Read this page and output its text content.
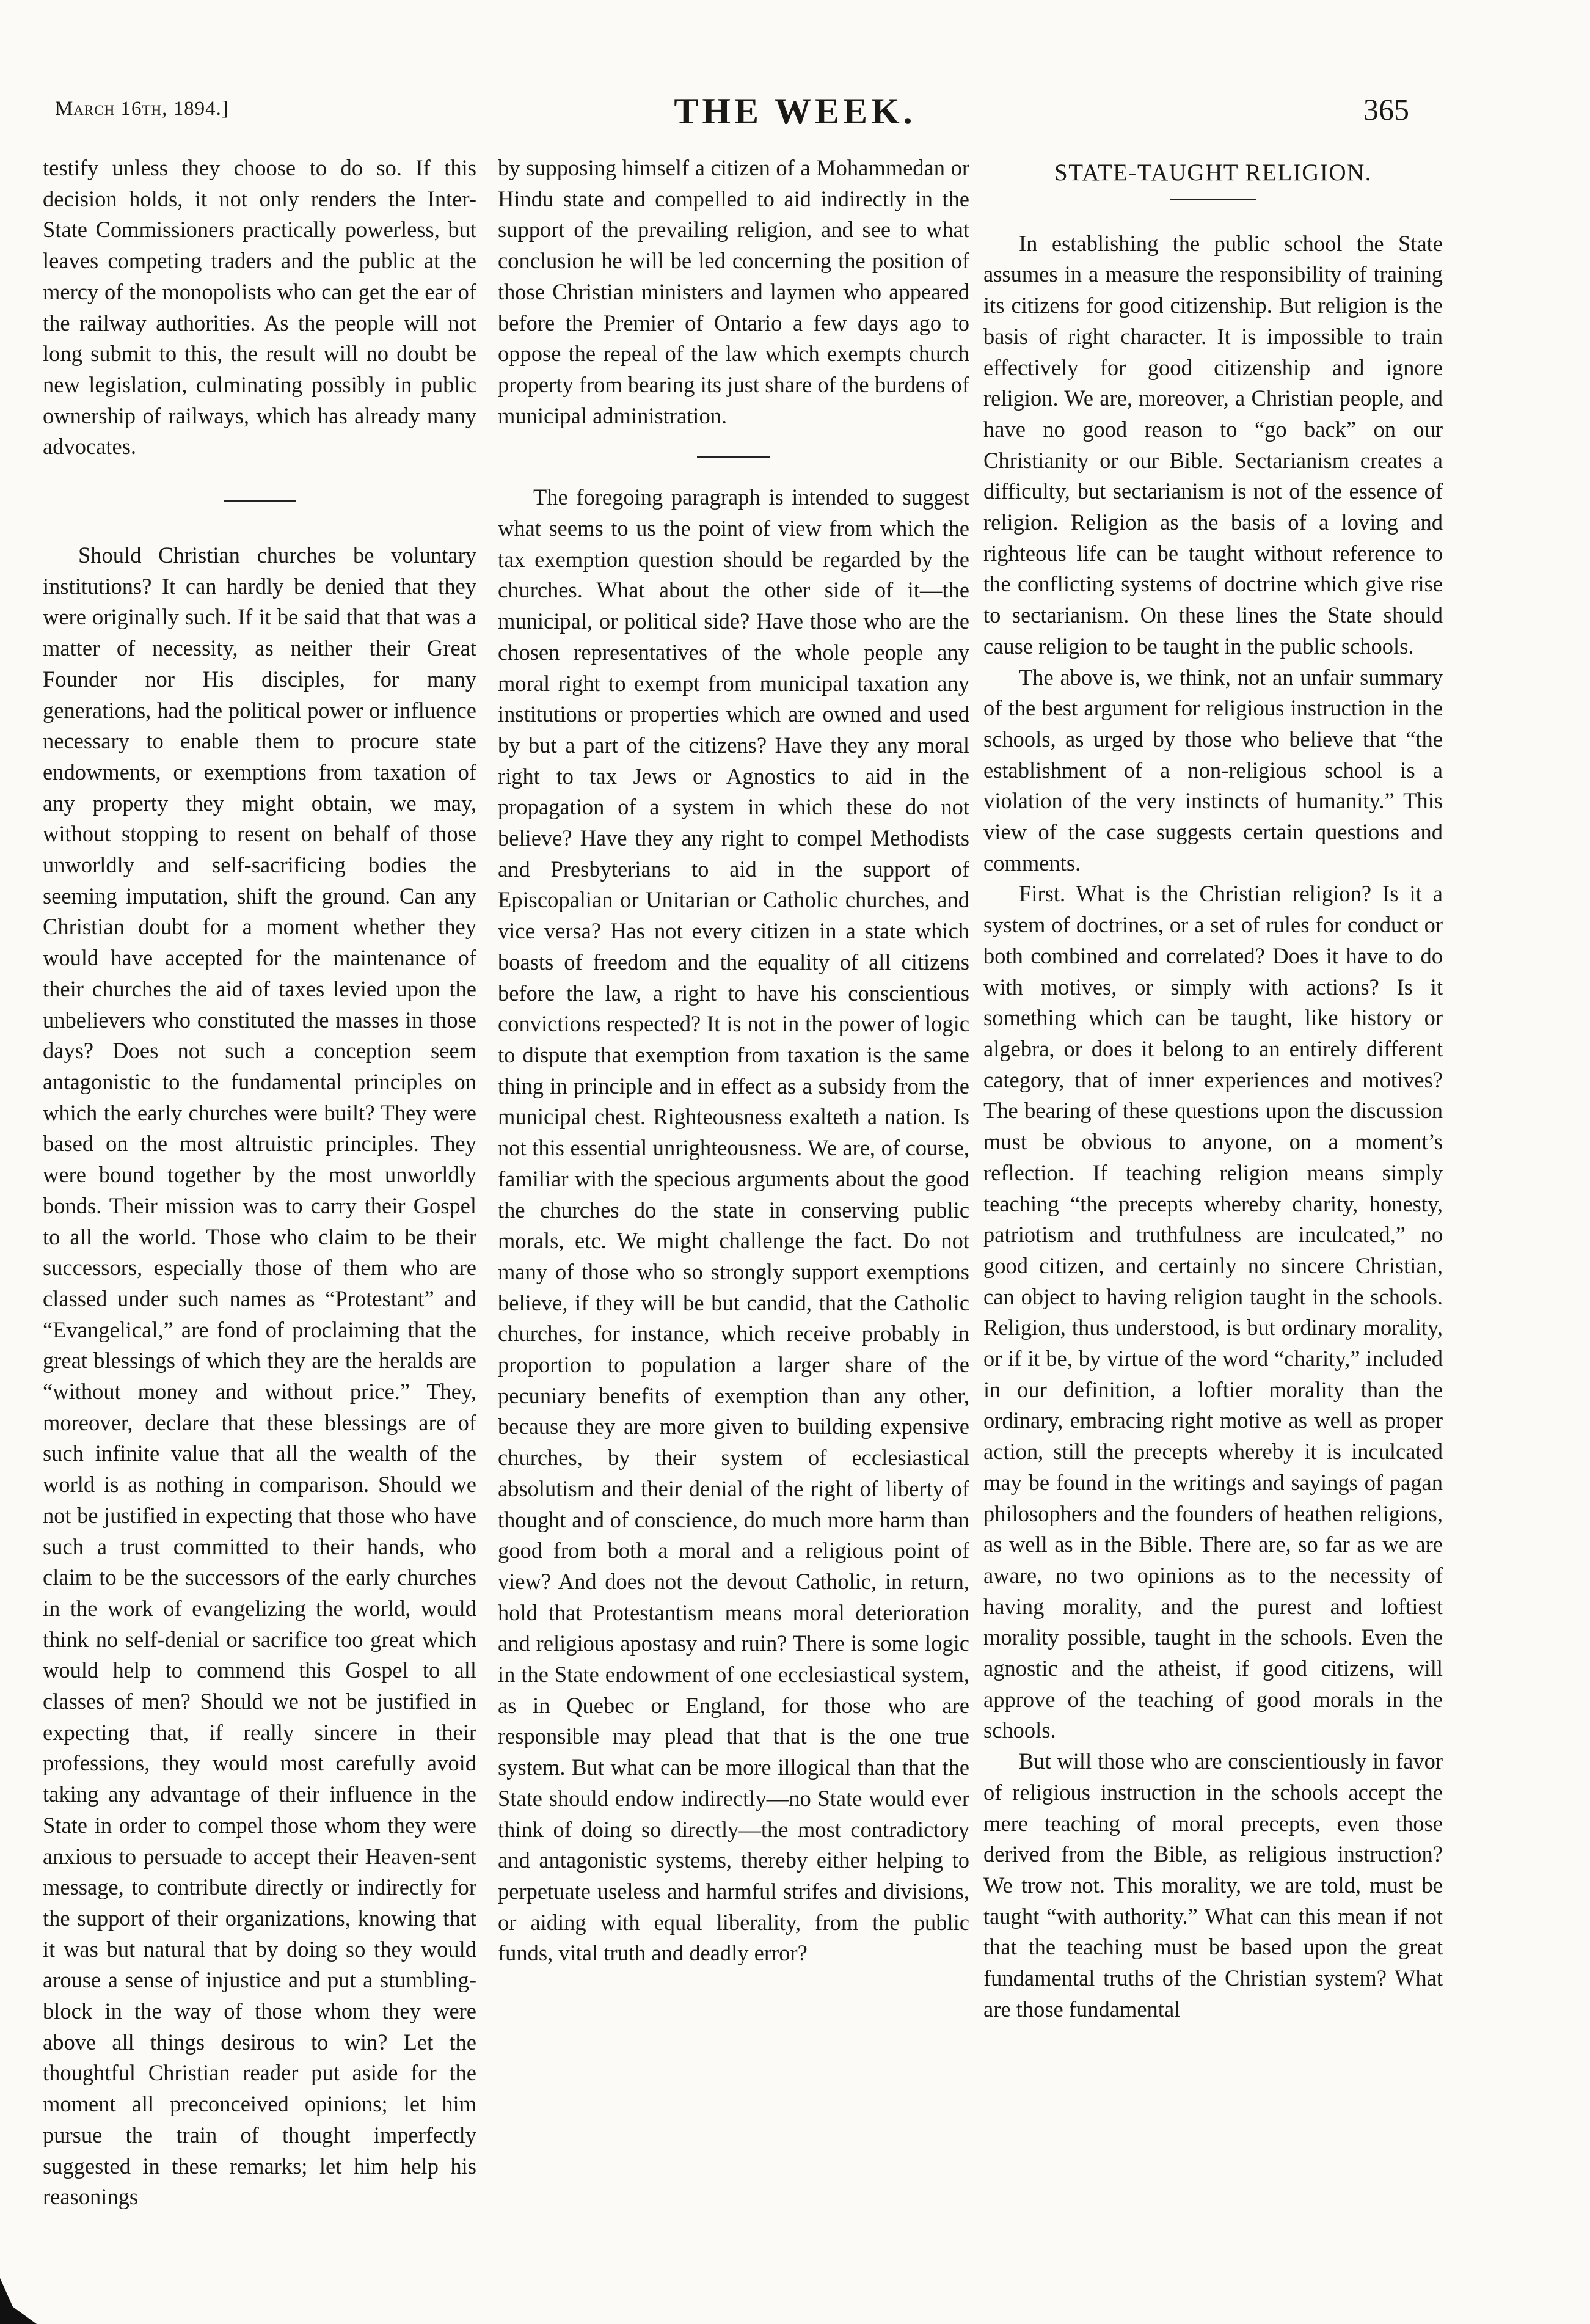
March 16th, 1894.]	THE WEEK.	365

testify unless they choose to do so. If this decision holds, it not only renders the Inter-State Commissioners practically powerless, but leaves competing traders and the public at the mercy of the monopolists who can get the ear of the railway authorities. As the people will not long submit to this, the result will no doubt be new legislation, culminating possibly in public ownership of railways, which has already many advocates.

Should Christian churches be voluntary institutions? It can hardly be denied that they were originally such. If it be said that that was a matter of necessity, as neither their Great Founder nor His disciples, for many generations, had the political power or influence necessary to enable them to procure state endowments, or exemptions from taxation of any property they might obtain, we may, without stopping to resent on behalf of those unworldly and self-sacrificing bodies the seeming imputation, shift the ground. Can any Christian doubt for a moment whether they would have accepted for the maintenance of their churches the aid of taxes levied upon the unbelievers who constituted the masses in those days? Does not such a conception seem antagonistic to the fundamental principles on which the early churches were built? They were based on the most altruistic principles. They were bound together by the most unworldly bonds. Their mission was to carry their Gospel to all the world. Those who claim to be their successors, especially those of them who are classed under such names as “Protestant” and “Evangelical,” are fond of proclaiming that the great blessings of which they are the heralds are “without money and without price.” They, moreover, declare that these blessings are of such infinite value that all the wealth of the world is as nothing in comparison. Should we not be justified in expecting that those who have such a trust committed to their hands, who claim to be the successors of the early churches in the work of evangelizing the world, would think no self-denial or sacrifice too great which would help to commend this Gospel to all classes of men? Should we not be justified in expecting that, if really sincere in their professions, they would most carefully avoid taking any advantage of their influence in the State in order to compel those whom they were anxious to persuade to accept their Heaven-sent message, to contribute directly or indirectly for the support of their organizations, knowing that it was but natural that by doing so they would arouse a sense of injustice and put a stumbling-block in the way of those whom they were above all things desirous to win? Let the thoughtful Christian reader put aside for the moment all preconceived opinions; let him pursue the train of thought imperfectly suggested in these remarks; let him help his reasonings

by supposing himself a citizen of a Mohammedan or Hindu state and compelled to aid indirectly in the support of the prevailing religion, and see to what conclusion he will be led concerning the position of those Christian ministers and laymen who appeared before the Premier of Ontario a few days ago to oppose the repeal of the law which exempts church property from bearing its just share of the burdens of municipal administration.

The foregoing paragraph is intended to suggest what seems to us the point of view from which the tax exemption question should be regarded by the churches. What about the other side of it—the municipal, or political side? Have those who are the chosen representatives of the whole people any moral right to exempt from municipal taxation any institutions or properties which are owned and used by but a part of the citizens? Have they any moral right to tax Jews or Agnostics to aid in the propagation of a system in which these do not believe? Have they any right to compel Methodists and Presbyterians to aid in the support of Episcopalian or Unitarian or Catholic churches, and vice versa? Has not every citizen in a state which boasts of freedom and the equality of all citizens before the law, a right to have his conscientious convictions respected? It is not in the power of logic to dispute that exemption from taxation is the same thing in principle and in effect as a subsidy from the municipal chest. Righteousness exalteth a nation. Is not this essential unrighteousness. We are, of course, familiar with the specious arguments about the good the churches do the state in conserving public morals, etc. We might challenge the fact. Do not many of those who so strongly support exemptions believe, if they will be but candid, that the Catholic churches, for instance, which receive probably in proportion to population a larger share of the pecuniary benefits of exemption than any other, because they are more given to building expensive churches, by their system of ecclesiastical absolutism and their denial of the right of liberty of thought and of conscience, do much more harm than good from both a moral and a religious point of view? And does not the devout Catholic, in return, hold that Protestantism means moral deterioration and religious apostasy and ruin? There is some logic in the State endowment of one ecclesiastical system, as in Quebec or England, for those who are responsible may plead that that is the one true system. But what can be more illogical than that the State should endow indirectly—no State would ever think of doing so directly—the most contradictory and antagonistic systems, thereby either helping to perpetuate useless and harmful strifes and divisions, or aiding with equal liberality, from the public funds, vital truth and deadly error?

STATE-TAUGHT RELIGION.

In establishing the public school the State assumes in a measure the responsibility of training its citizens for good citizenship. But religion is the basis of right character. It is impossible to train effectively for good citizenship and ignore religion. We are, moreover, a Christian people, and have no good reason to “go back” on our Christianity or our Bible. Sectarianism creates a difficulty, but sectarianism is not of the essence of religion. Religion as the basis of a loving and righteous life can be taught without reference to the conflicting systems of doctrine which give rise to sectarianism. On these lines the State should cause religion to be taught in the public schools.

The above is, we think, not an unfair summary of the best argument for religious instruction in the schools, as urged by those who believe that “the establishment of a non-religious school is a violation of the very instincts of humanity.” This view of the case suggests certain questions and comments.

First. What is the Christian religion? Is it a system of doctrines, or a set of rules for conduct or both combined and correlated? Does it have to do with motives, or simply with actions? Is it something which can be taught, like history or algebra, or does it belong to an entirely different category, that of inner experiences and motives? The bearing of these questions upon the discussion must be obvious to anyone, on a moment’s reflection. If teaching religion means simply teaching “the precepts whereby charity, honesty, patriotism and truthfulness are inculcated,” no good citizen, and certainly no sincere Christian, can object to having religion taught in the schools. Religion, thus understood, is but ordinary morality, or if it be, by virtue of the word “charity,” included in our definition, a loftier morality than the ordinary, embracing right motive as well as proper action, still the precepts whereby it is inculcated may be found in the writings and sayings of pagan philosophers and the founders of heathen religions, as well as in the Bible. There are, so far as we are aware, no two opinions as to the necessity of having morality, and the purest and loftiest morality possible, taught in the schools. Even the agnostic and the atheist, if good citizens, will approve of the teaching of good morals in the schools.

But will those who are conscientiously in favor of religious instruction in the schools accept the mere teaching of moral precepts, even those derived from the Bible, as religious instruction? We trow not. This morality, we are told, must be taught “with authority.” What can this mean if not that the teaching must be based upon the great fundamental truths of the Christian system? What are those fundamental
